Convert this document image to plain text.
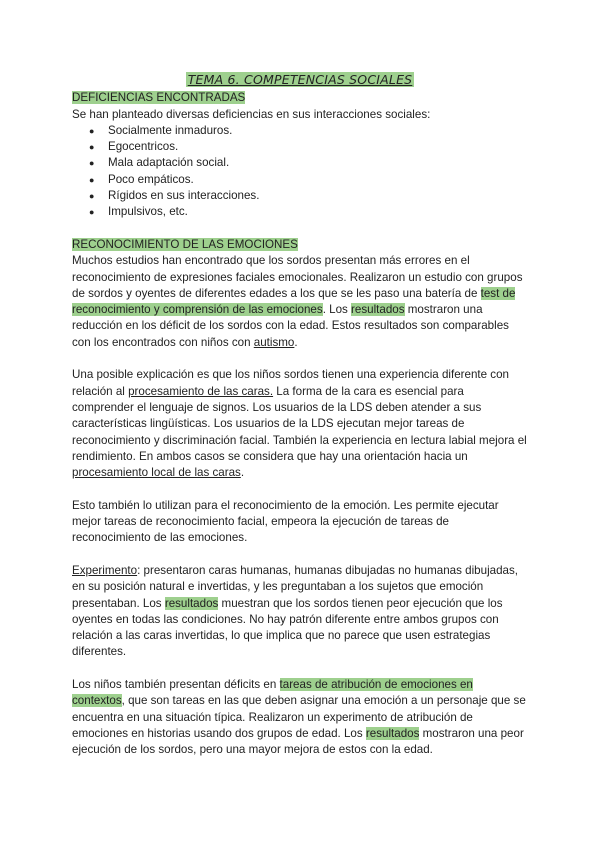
TEMA 6. COMPETENCIAS SOCIALES
DEFICIENCIAS ENCONTRADAS

Se han planteado diversas deficiencias en sus interacciones sociales:

● Socialmente inmaduros.
● Egocentricos.
● Mala adaptación social.
● Poco empáticos.
● Rígidos en sus interacciones.
● Impulsivos, etc.
RECONOCIMIENTO DE LAS EMOCIONES

Muchos estudios han encontrado que los sordos presentan más errores en el reconocimiento de expresiones faciales emocionales. Realizaron un estudio con grupos de sordos y oyentes de diferentes edades a los que se les paso una batería de test de reconocimiento y comprensión de las emociones. Los resultados mostraron una reducción en los déficit de los sordos con la edad. Estos resultados son comparables con los encontrados con niños con autismo.

Una posible explicación es que los niños sordos tienen una experiencia diferente con relación al procesamiento de las caras. La forma de la cara es esencial para comprender el lenguaje de signos. Los usuarios de la LDS deben atender a sus características lingüísticas. Los usuarios de la LDS ejecutan mejor tareas de reconocimiento y discriminación facial. También la experiencia en lectura labial mejora el rendimiento. En ambos casos se considera que hay una orientación hacia un procesamiento local de las caras.

Esto también lo utilizan para el reconocimiento de la emoción. Les permite ejecutar mejor tareas de reconocimiento facial, empeora la ejecución de tareas de reconocimiento de las emociones.

Experimento: presentaron caras humanas, humanas dibujadas no humanas dibujadas, en su posición natural e invertidas, y les preguntaban a los sujetos que emoción presentaban. Los resultados muestran que los sordos tienen peor ejecución que los oyentes en todas las condiciones. No hay patrón diferente entre ambos grupos con relación a las caras invertidas, lo que implica que no parece que usen estrategias diferentes.

Los niños también presentan déficits en tareas de atribución de emociones en contextos, que son tareas en las que deben asignar una emoción a un personaje que se encuentra en una situación típica. Realizaron un experimento de atribución de emociones en historias usando dos grupos de edad. Los resultados mostraron una peor ejecución de los sordos, pero una mayor mejora de estos con la edad.
